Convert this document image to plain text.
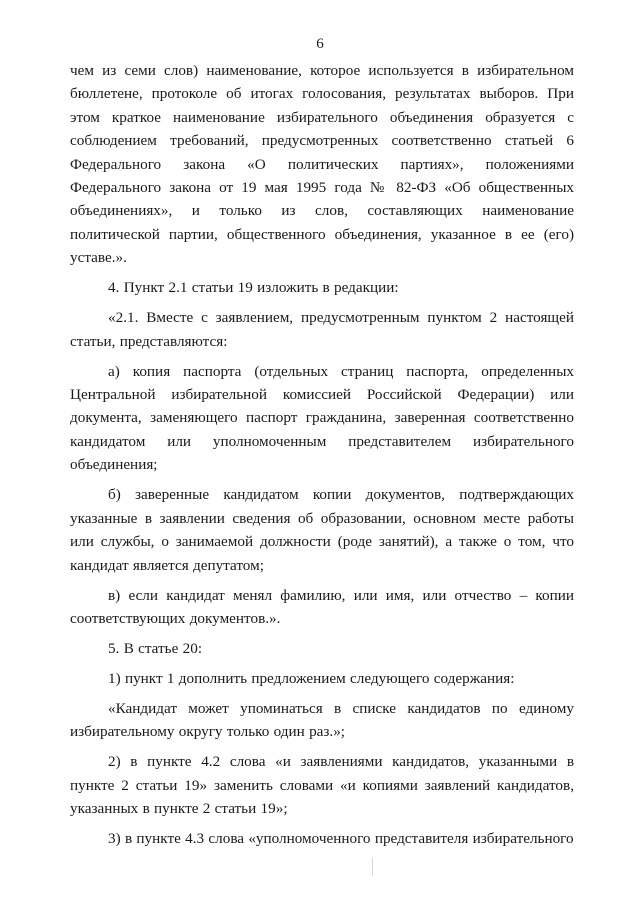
6

чем из семи слов) наименование, которое используется в избирательном бюллетене, протоколе об итогах голосования, результатах выборов. При этом краткое наименование избирательного объединения образуется с соблюдением требований, предусмотренных соответственно статьей 6 Федерального закона «О политических партиях», положениями Федерального закона от 19 мая 1995 года № 82-ФЗ «Об общественных объединениях», и только из слов, составляющих наименование политической партии, общественного объединения, указанное в ее (его) уставе.».

4. Пункт 2.1 статьи 19 изложить в редакции:

«2.1. Вместе с заявлением, предусмотренным пунктом 2 настоящей статьи, представляются:

а) копия паспорта (отдельных страниц паспорта, определенных Центральной избирательной комиссией Российской Федерации) или документа, заменяющего паспорт гражданина, заверенная соответственно кандидатом или уполномоченным представителем избирательного объединения;

б) заверенные кандидатом копии документов, подтверждающих указанные в заявлении сведения об образовании, основном месте работы или службы, о занимаемой должности (роде занятий), а также о том, что кандидат является депутатом;

в) если кандидат менял фамилию, или имя, или отчество – копии соответствующих документов.».

5. В статье 20:

1) пункт 1 дополнить предложением следующего содержания:

«Кандидат может упоминаться в списке кандидатов по единому избирательному округу только один раз.»;

2) в пункте 4.2 слова «и заявлениями кандидатов, указанными в пункте 2 статьи 19» заменить словами «и копиями заявлений кандидатов, указанных в пункте 2 статьи 19»;

3) в пункте 4.3 слова «уполномоченного представителя избирательного
